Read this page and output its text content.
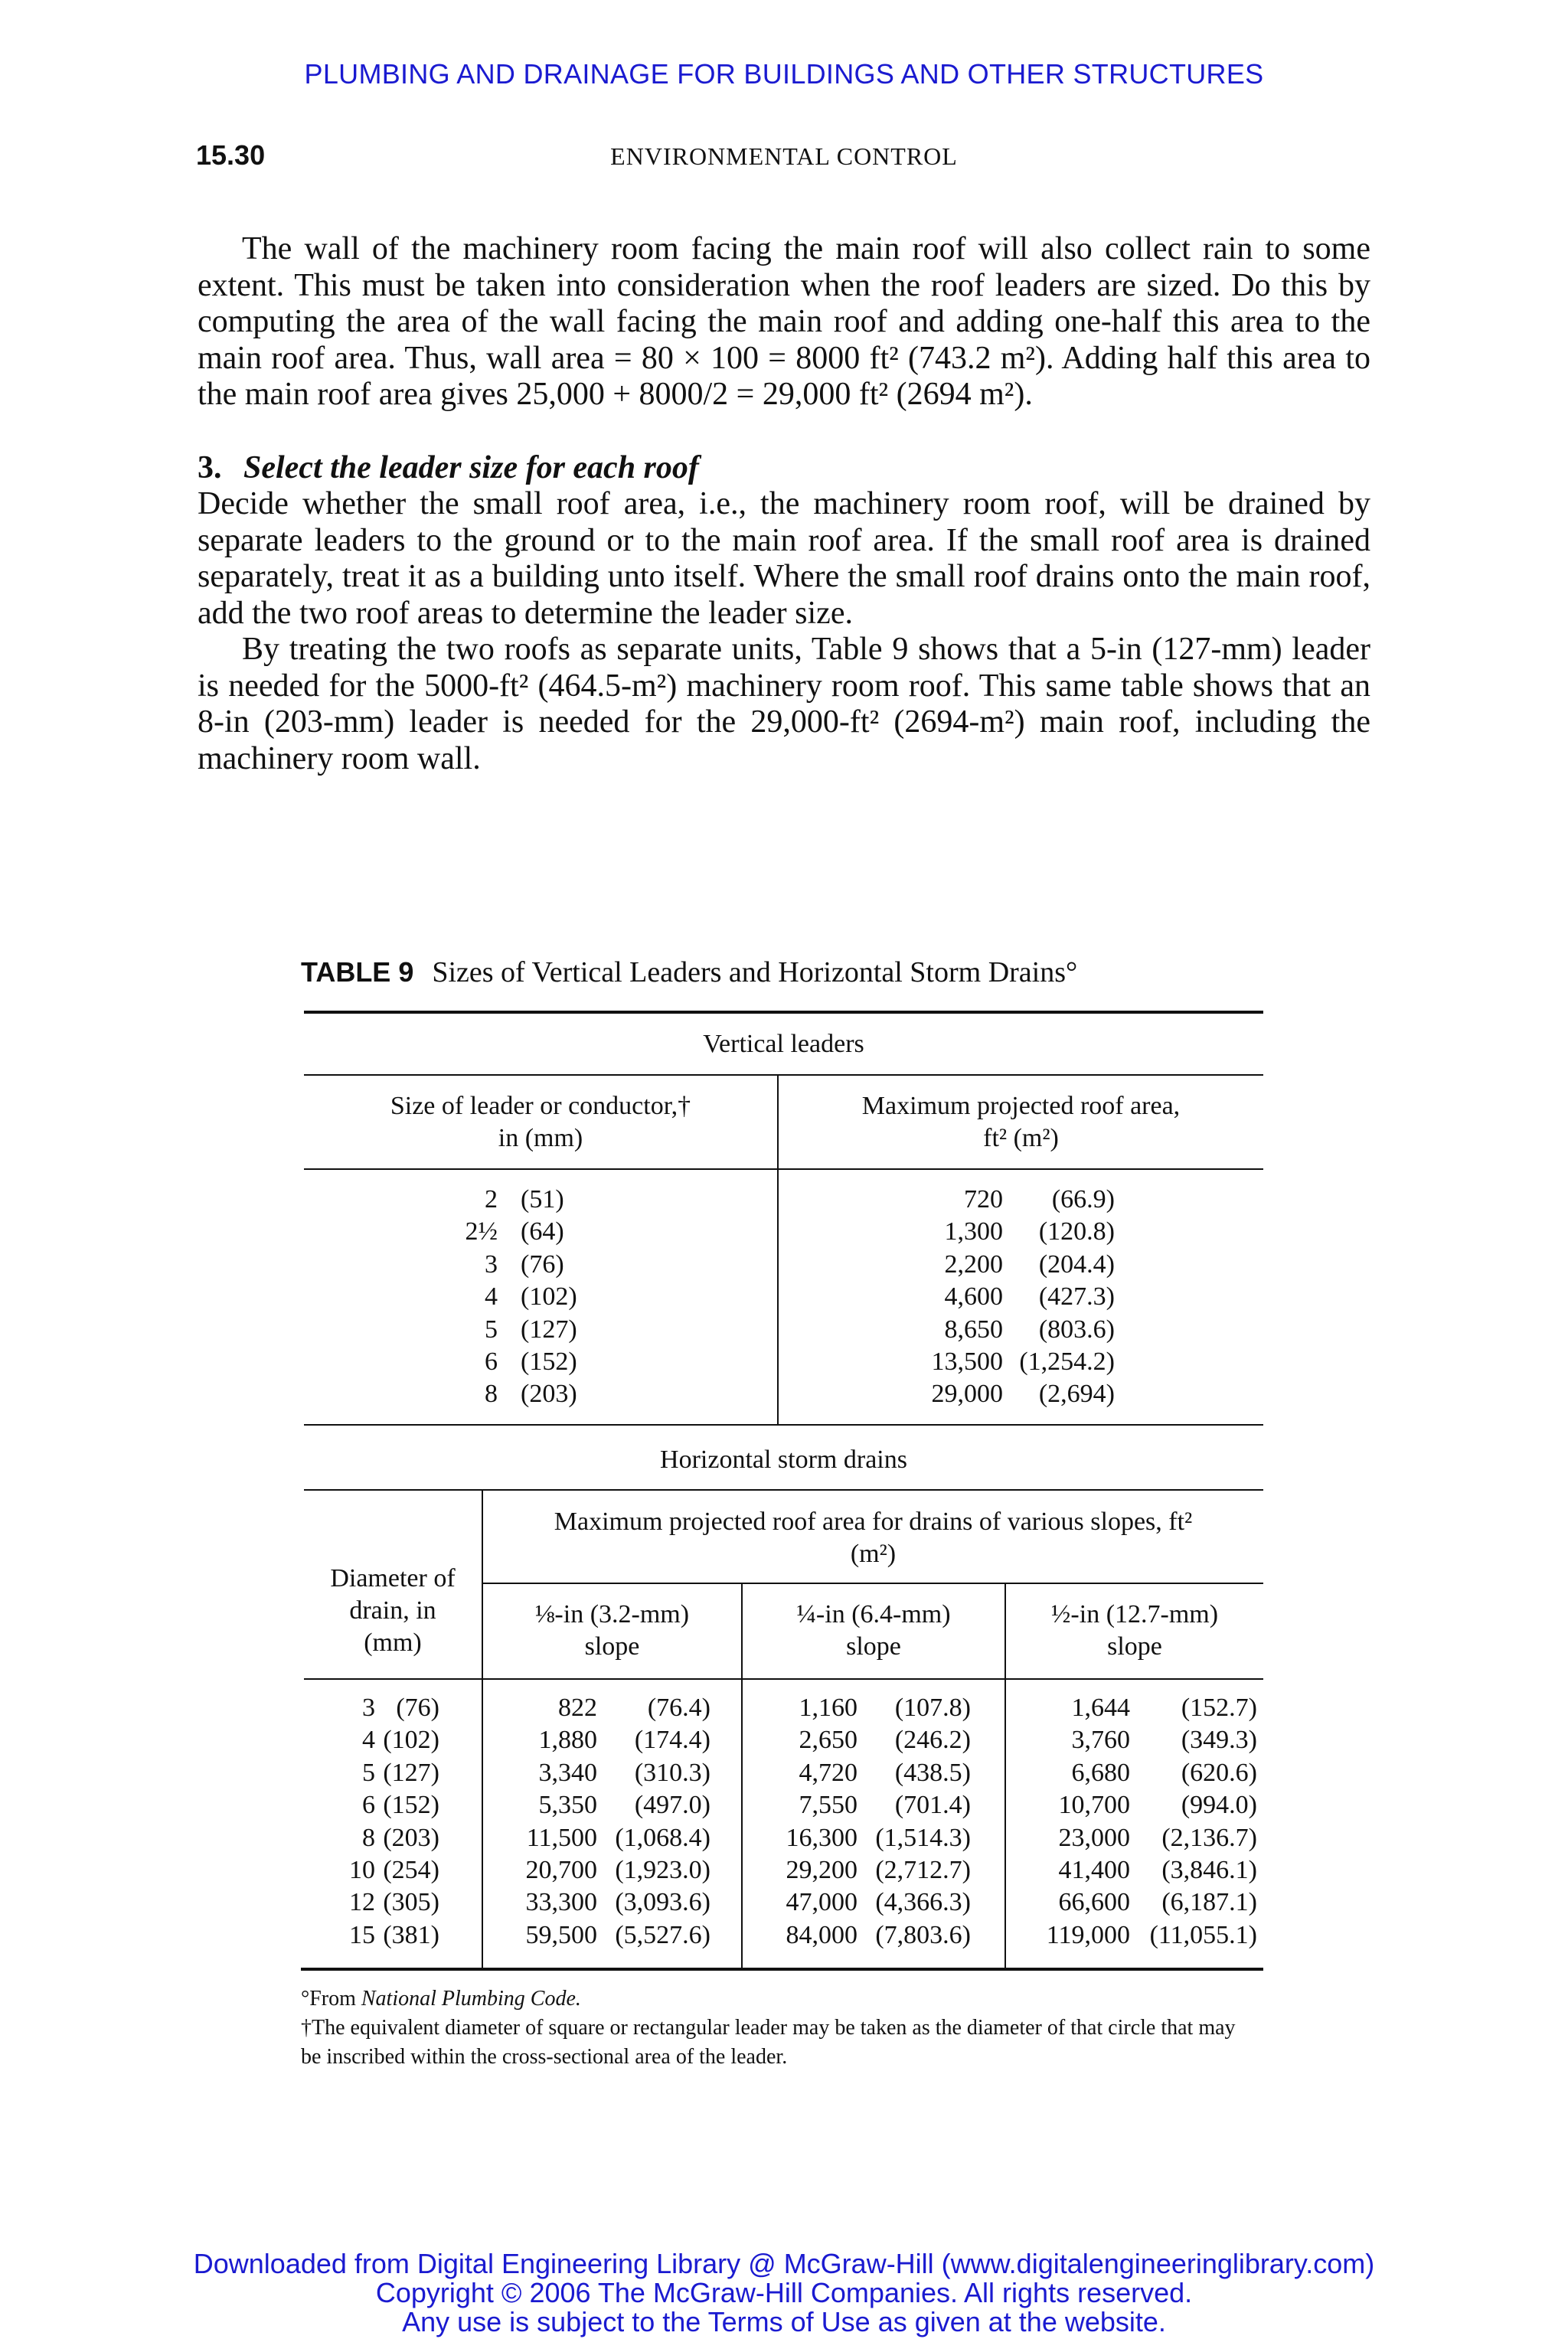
PLUMBING AND DRAINAGE FOR BUILDINGS AND OTHER STRUCTURES
15.30	ENVIRONMENTAL CONTROL

The wall of the machinery room facing the main roof will also collect rain to some extent. This must be taken into consideration when the roof leaders are sized. Do this by computing the area of the wall facing the main roof and adding one-half this area to the main roof area. Thus, wall area = 80 × 100 = 8000 ft² (743.2 m²). Adding half this area to the main roof area gives 25,000 + 8000/2 = 29,000 ft² (2694 m²).

3. Select the leader size for each roof

Decide whether the small roof area, i.e., the machinery room roof, will be drained by separate leaders to the ground or to the main roof area. If the small roof area is drained separately, treat it as a building unto itself. Where the small roof drains onto the main roof, add the two roof areas to determine the leader size.

By treating the two roofs as separate units, Table 9 shows that a 5-in (127-mm) leader is needed for the 5000-ft² (464.5-m²) machinery room roof. This same table shows that an 8-in (203-mm) leader is needed for the 29,000-ft² (2694-m²) main roof, including the machinery room wall.

TABLE 9 Sizes of Vertical Leaders and Horizontal Storm Drains°
Vertical leaders
Size of leader or conductor,†
in (mm)
Maximum projected roof area,
ft² (m²)
2
2½
3
4
5
6
8
(51)
(64)
(76)
(102)
(127)
(152)
(203)
720
1,300
2,200
4,600
8,650
13,500
29,000
(66.9)
(120.8)
(204.4)
(427.3)
(803.6)
(1,254.2)
(2,694)
Horizontal storm drains
Diameter of
drain, in
(mm)
Maximum projected roof area for drains of various slopes, ft²
(m²)
⅛-in (3.2-mm)
slope
¼-in (6.4-mm)
slope
½-in (12.7-mm)
slope
3
4
5
6
8
10
12
15
(76)
(102)
(127)
(152)
(203)
(254)
(305)
(381)
822
1,880
3,340
5,350
11,500
20,700
33,300
59,500
(76.4)
(174.4)
(310.3)
(497.0)
(1,068.4)
(1,923.0)
(3,093.6)
(5,527.6)
1,160
2,650
4,720
7,550
16,300
29,200
47,000
84,000
(107.8)
(246.2)
(438.5)
(701.4)
(1,514.3)
(2,712.7)
(4,366.3)
(7,803.6)
1,644
3,760
6,680
10,700
23,000
41,400
66,600
119,000
(152.7)
(349.3)
(620.6)
(994.0)
(2,136.7)
(3,846.1)
(6,187.1)
(11,055.1)
°From National Plumbing Code.
†The equivalent diameter of square or rectangular leader may be taken as the diameter of that circle that may be inscribed within the cross-sectional area of the leader.
Downloaded from Digital Engineering Library @ McGraw-Hill (www.digitalengineeringlibrary.com)
Copyright © 2006 The McGraw-Hill Companies. All rights reserved.
Any use is subject to the Terms of Use as given at the website.
